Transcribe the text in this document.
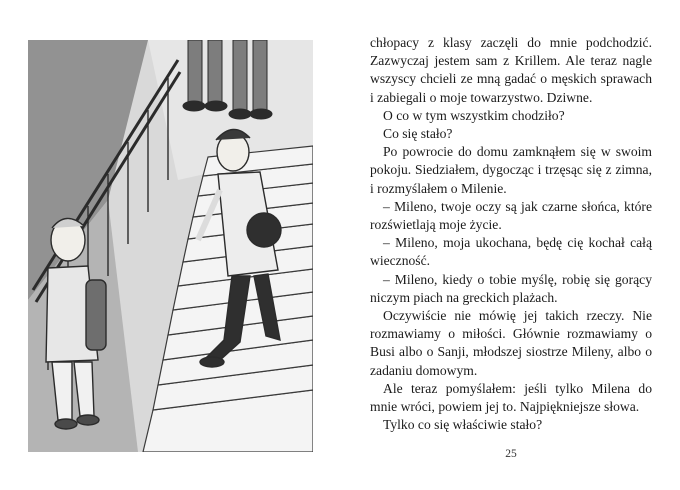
chłopacy z klasy zaczęli do mnie podchodzić. Zazwyczaj jestem sam z Krillem. Ale teraz nagle wszyscy chcieli ze mną gadać o męskich sprawach i zabiegali o moje towarzystwo. Dziwne.

O co w tym wszystkim chodziło?

Co się stało?

Po powrocie do domu zamknąłem się w swoim pokoju. Siedziałem, dygocząc i trzęsąc się z zimna, i rozmyślałem o Milenie.

– Mileno, twoje oczy są jak czarne słońca, które rozświetlają moje życie.

– Mileno, moja ukochana, będę cię kochał całą wieczność.

– Mileno, kiedy o tobie myślę, robię się gorący niczym piach na greckich plażach.

Oczywiście nie mówię jej takich rzeczy. Nie rozmawiamy o miłości. Głównie rozmawiamy o Busi albo o Sanji, młodszej siostrze Mileny, albo o zadaniu domowym.

Ale teraz pomyślałem: jeśli tylko Milena do mnie wróci, powiem jej to. Najpiękniejsze słowa.

Tylko co się właściwie stało?

25
